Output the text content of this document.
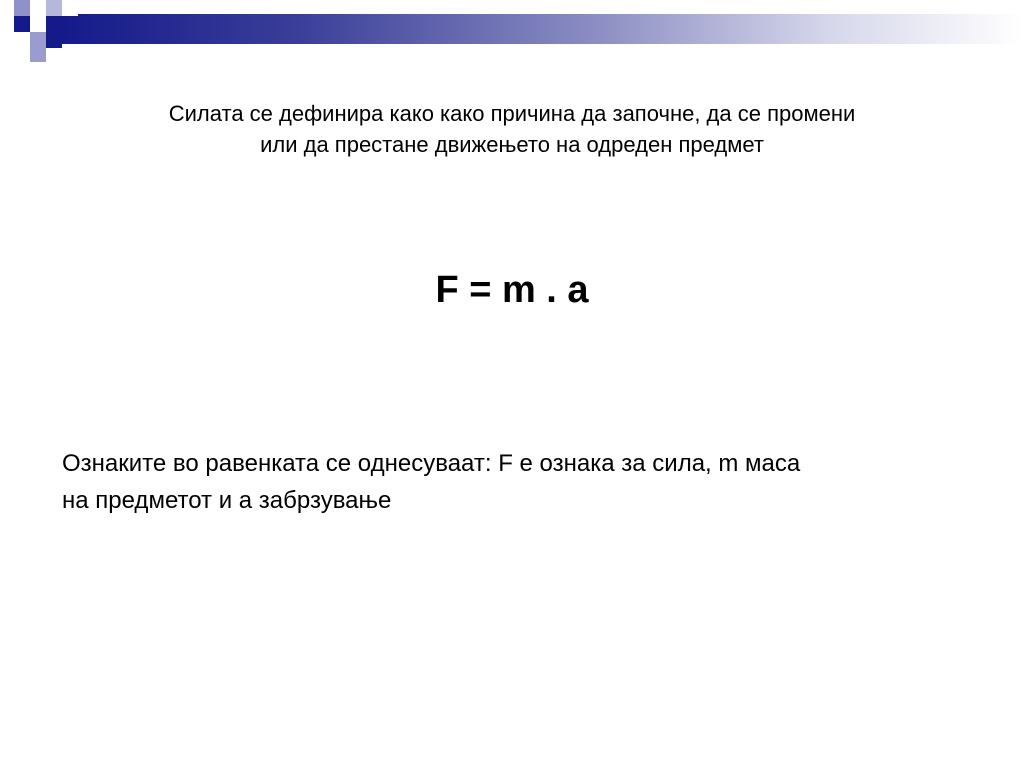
Силата се дефинира како како причина да започне, да се промени
или да престане движењето на одреден предмет
F = m . a
Ознаките во равенката се однесуваат: F е ознака за сила, m маса
на предметот и а забрзување
